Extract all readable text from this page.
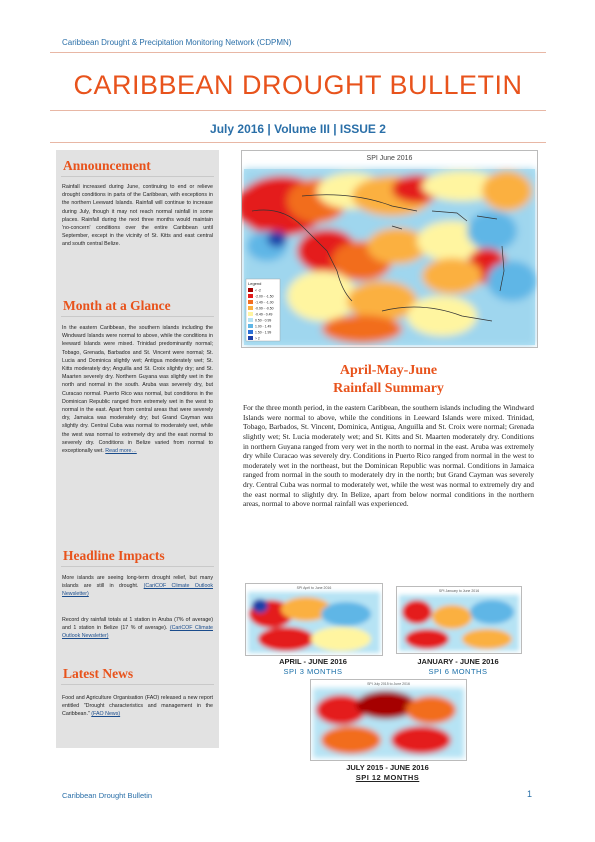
Caribbean Drought & Precipitation Monitoring Network (CDPMN)
CARIBBEAN DROUGHT BULLETIN
July 2016 | Volume III | ISSUE 2
Announcement
Rainfall increased during June, continuing to end or relieve drought conditions in parts of the Caribbean, with exceptions in the northern Leeward Islands. Rainfall will continue to increase during July, though it may not reach normal rainfall in some places. Rainfall during the next three months would maintain 'no-concern' conditions over the entire Caribbean until September, except in the vicinity of St. Kitts and east central and south central Belize.
Month at a Glance
In the eastern Caribbean, the southern islands including the Windward Islands were normal to above, while the conditions in leeward Islands were mixed. Trinidad predominantly normal; Tobago, Grenada, Barbados and St. Vincent were normal; St. Lucia and Dominica slightly wet; Antigua moderately wet; St. Kitts moderately dry; Anguilla and St. Croix slightly dry; and St. Maarten severely dry. Northern Guyana was slightly wet in the north and normal in the south. Aruba was severely dry, but Curacao normal. Puerto Rico was normal, but conditions in the Dominican Republic ranged from extremely wet in the west to normal in the east. Apart from central areas that were severely dry, Jamaica was moderately dry; but Grand Cayman was slightly dry. Central Cuba was normal to moderately wet, while the west was normal to extremely dry and the east normal to severely dry. Conditions in Belize varied from normal to exceptionally wet. Read more…
Headline Impacts
More islands are seeing long-term drought relief, but many islands are still in drought. (CariCOF Climate Outlook Newsletter)
Record dry rainfall totals at 1 station in Aruba (7% of average) and 1 station in Belize (17 % of average). (CariCOF Climate Outlook Newsletter)
Latest News
Food and Agriculture Organisation (FAO) released a new report entitled "Drought characteristics and management in the Caribbean." (FAO News)
SPI June 2016
Legend
< -2
-2.00 - -1.50
-1.49 - -1.00
-0.99 - -0.50
-0.49 - 0.49
0.50 - 0.99
1.00 - 1.49
1.50 - 1.99
> 2
April-May-June
Rainfall Summary
For the three month period, in the eastern Caribbean, the southern islands including the Windward Islands were normal to above, while the conditions in Leeward Islands were mixed. Trinidad, Tobago, Barbados, St. Vincent, Dominica, Antigua, Anguilla and St. Croix were normal; Grenada slightly wet; St. Lucia moderately wet; and St. Kitts and St. Maarten moderately dry. Conditions in northern Guyana ranged from very wet in the north to normal in the east. Aruba was extremely dry while Curacao was severely dry. Conditions in Puerto Rico ranged from normal in the west to moderately wet in the northeast, but the Dominican Republic was normal. Conditions in Jamaica ranged from normal in the south to moderately dry in the north; but Grand Cayman was severely dry. Central Cuba was normal to moderately wet, while the west was normal to extremely dry and the east normal to slightly dry. In Belize, apart from below normal conditions in the northern areas, normal to above normal rainfall was experienced.
SPI April to June 2016
APRIL - JUNE 2016
SPI 3 MONTHS
SPI January to June 2016
JANUARY - JUNE 2016
SPI 6 MONTHS
SPI July 2015 to June 2016
JULY 2015 - JUNE 2016
SPI 12 MONTHS
Caribbean Drought Bulletin	1
